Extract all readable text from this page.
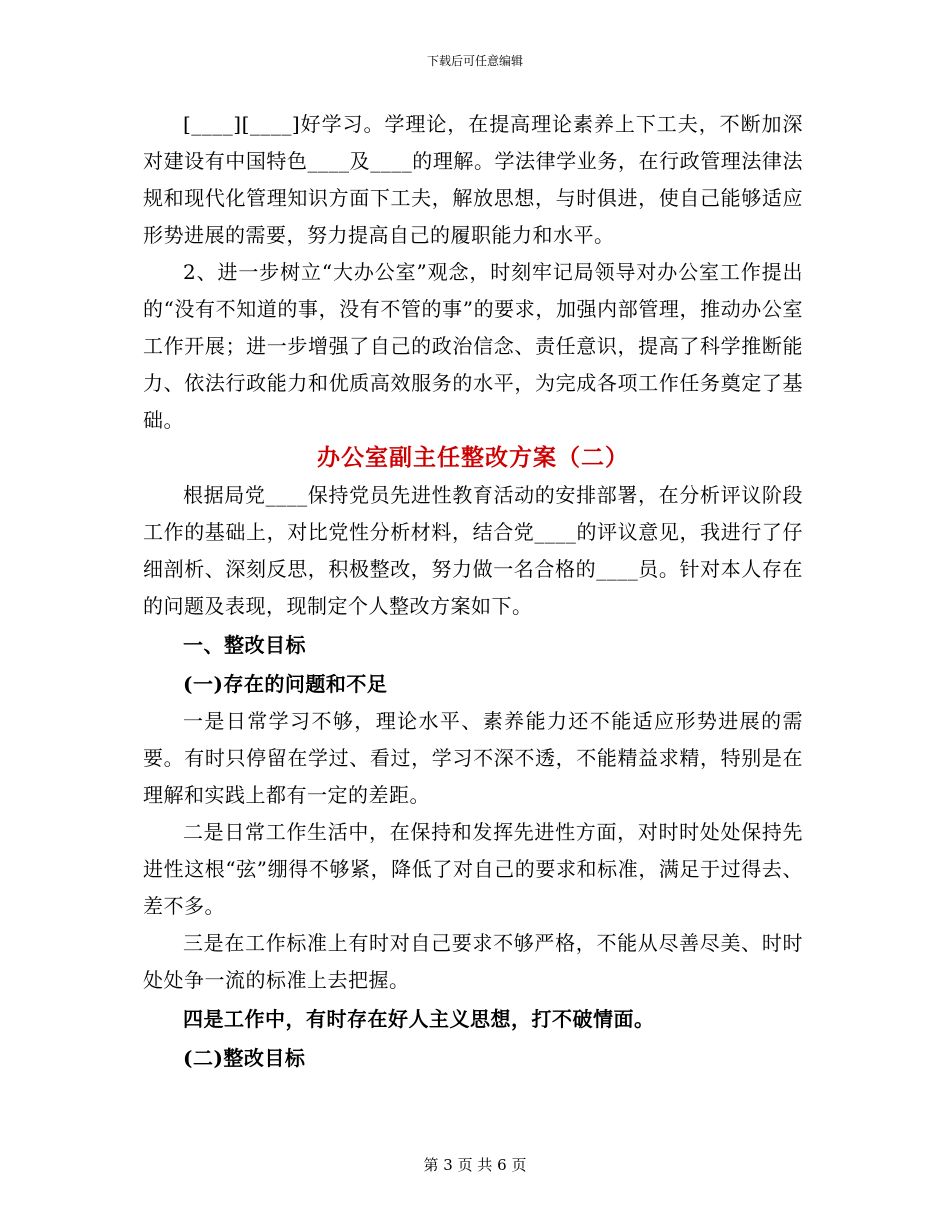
下载后可任意编辑

[____][____]好学习。学理论，在提高理论素养上下工夫，不断加深对建设有中国特色____及____的理解。学法律学业务，在行政管理法律法规和现代化管理知识方面下工夫，解放思想，与时俱进，使自己能够适应形势进展的需要，努力提高自己的履职能力和水平。

2、进一步树立“大办公室”观念，时刻牢记局领导对办公室工作提出的“没有不知道的事，没有不管的事”的要求，加强内部管理，推动办公室工作开展；进一步增强了自己的政治信念、责任意识，提高了科学推断能力、依法行政能力和优质高效服务的水平，为完成各项工作任务奠定了基础。

办公室副主任整改方案（二）

根据局党____保持党员先进性教育活动的安排部署，在分析评议阶段工作的基础上，对比党性分析材料，结合党____的评议意见，我进行了仔细剖析、深刻反思，积极整改，努力做一名合格的____员。针对本人存在的问题及表现，现制定个人整改方案如下。

一、整改目标

(一)存在的问题和不足

一是日常学习不够，理论水平、素养能力还不能适应形势进展的需要。有时只停留在学过、看过，学习不深不透，不能精益求精，特别是在理解和实践上都有一定的差距。

二是日常工作生活中，在保持和发挥先进性方面，对时时处处保持先进性这根“弦”绷得不够紧，降低了对自己的要求和标准，满足于过得去、差不多。

三是在工作标准上有时对自己要求不够严格，不能从尽善尽美、时时处处争一流的标准上去把握。

四是工作中，有时存在好人主义思想，打不破情面。

(二)整改目标

第 3 页 共 6 页
